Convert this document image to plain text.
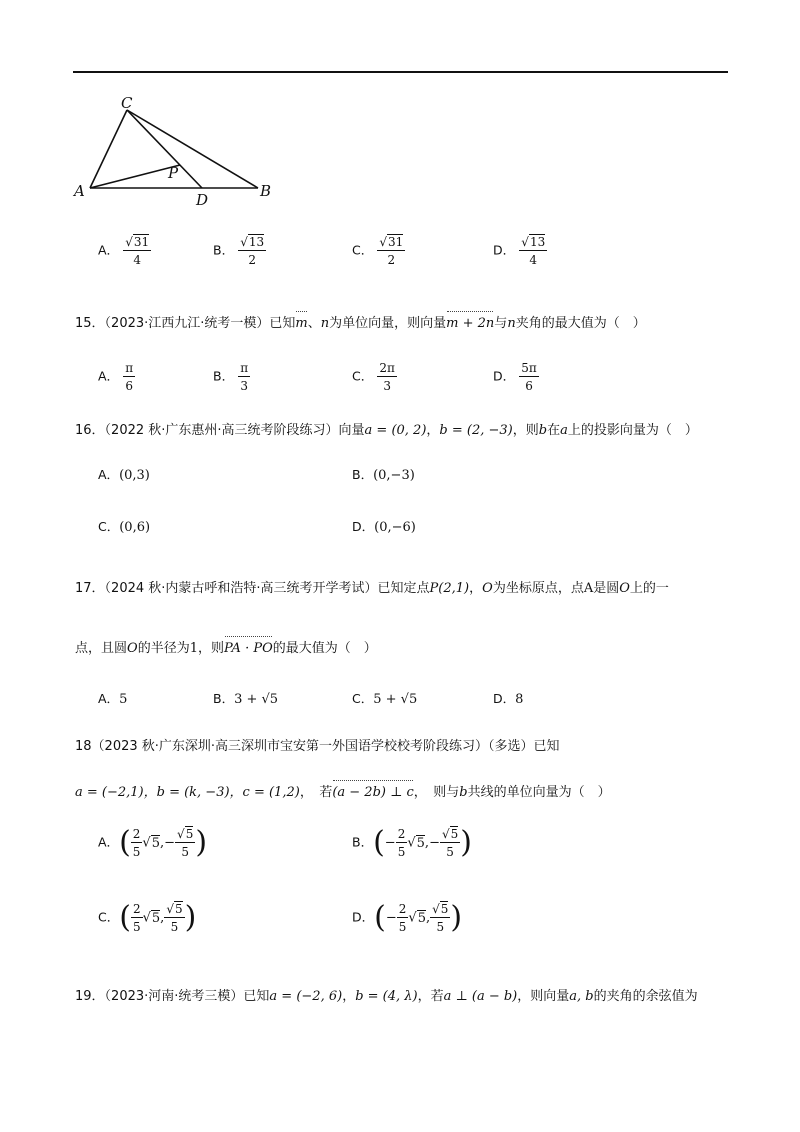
C
A
P
D	B
A． $\frac{√31}{4}$	B． $\frac{√13}{2}$	C． $\frac{√31}{2}$	D． $\frac{√13}{4}$
15．（2023·江西九江·统考一模）已知m、n为单位向量，则向量m + 2n与n夹角的最大值为（　）
A． $\frac{\pi}{6}$	B． $\frac{\pi}{3}$	C． $\frac{2\pi}{3}$	D． $\frac{5\pi}{6}$
16．（2022 秋·广东惠州·高三统考阶段练习）向量a = (0, 2)，b = (2, −3)，则b在a上的投影向量为（　）
A．(0,3)	B．(0,−3)
C．(0,6)	D．(0,−6)
17．（2024 秋·内蒙古呼和浩特·高三统考开学考试）已知定点P(2,1)，O为坐标原点，点A是圆O上的一
点，且圆O的半径为1，则PA · PO的最大值为（　）
A．5	B．3 + √5	C．5 + √5	D．8
18（2023 秋·广东深圳·高三深圳市宝安第一外国语学校校考阶段练习）（多选）已知
a = (−2,1)，b = (k, −3)，c = (1,2)，　若(a − 2b) ⊥ c，　则与b共线的单位向量为（　）
A．( $\frac{2}{5} √5,- \frac{√5}{5}$ )	B．(− $\frac{2}{5} √5,- \frac{√5}{5}$ )
C．( $\frac{2}{5} √5$, $\frac{√5}{5}$ )	D．(− $\frac{2}{5} √5$, $\frac{√5}{5}$ )
19．（2023·河南·统考三模）已知a = (−2, 6)，b = (4, λ)，若a ⊥ (a − b)，则向量a, b的夹角的余弦值为
